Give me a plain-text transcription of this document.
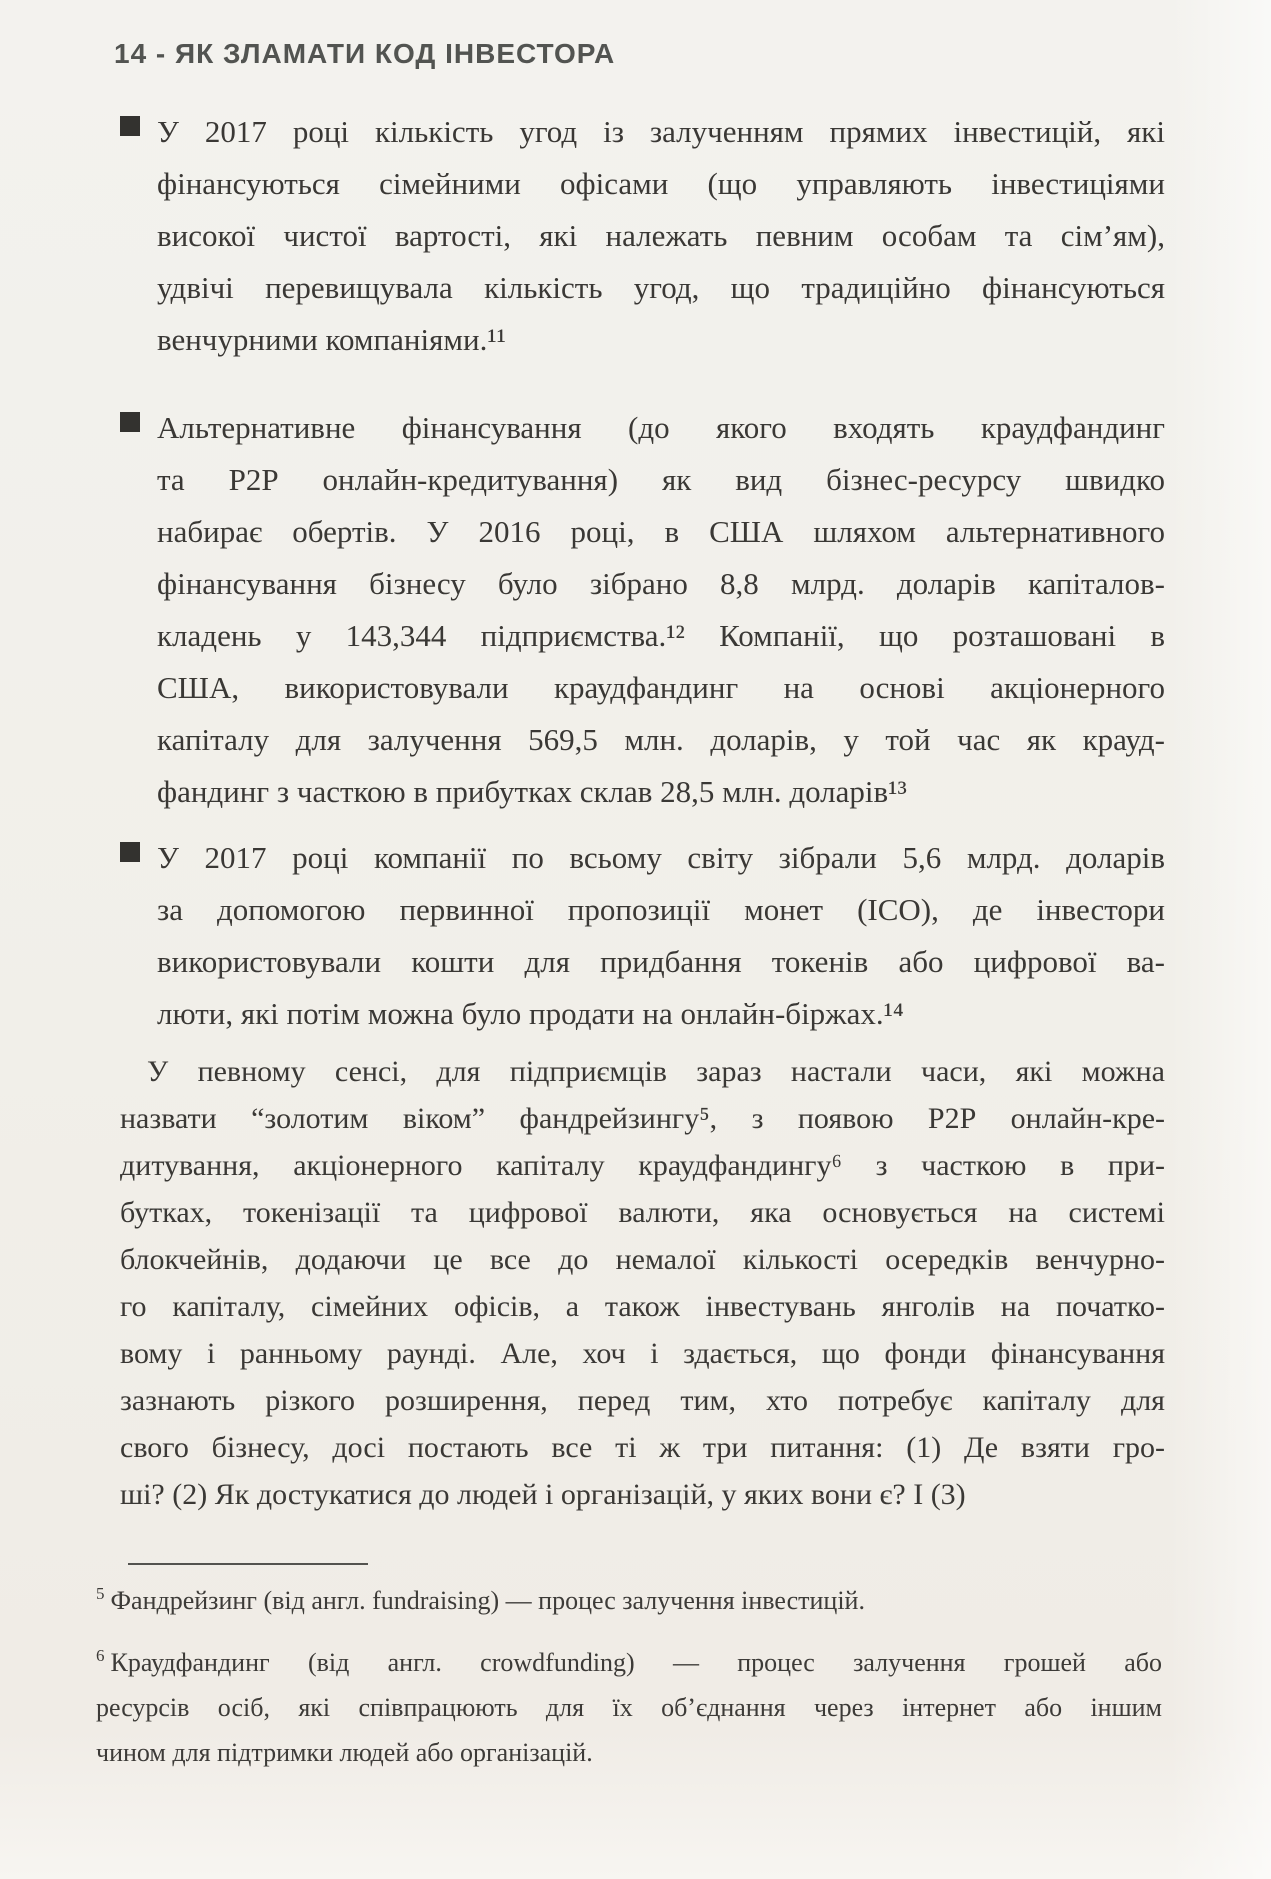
14 - ЯК ЗЛАМАТИ КОД ІНВЕСТОРА
У 2017 році кількість угод із залученням прямих інвестицій, які
фінансуються сімейними офісами (що управляють інвестиціями
високої чистої вартості, які належать певним особам та сім’ям),
удвічі перевищувала кількість угод, що традиційно фінансуються
венчурними компаніями.¹¹
Альтернативне фінансування (до якого входять краудфандинг
та Р2Р онлайн-кредитування) як вид бізнес-ресурсу швидко
набирає обертів. У 2016 році, в США шляхом альтернативного
фінансування бізнесу було зібрано 8,8 млрд. доларів капіталов-
кладень у 143,344 підприємства.¹² Компанії, що розташовані в
США, використовували краудфандинг на основі акціонерного
капіталу для залучення 569,5 млн. доларів, у той час як крауд-
фандинг з часткою в прибутках склав 28,5 млн. доларів¹³
У 2017 році компанії по всьому світу зібрали 5,6 млрд. доларів
за допомогою первинної пропозиції монет (ICO), де інвестори
використовували кошти для придбання токенів або цифрової ва-
люти, які потім можна було продати на онлайн-біржах.¹⁴
У певному сенсі, для підприємців зараз настали часи, які можна
назвати “золотим віком” фандрейзингу⁵, з появою Р2Р онлайн-кре-
дитування, акціонерного капіталу краудфандингу⁶ з часткою в при-
бутках, токенізації та цифрової валюти, яка основується на системі
блокчейнів, додаючи це все до немалої кількості осередків венчурно-
го капіталу, сімейних офісів, а також інвестувань янголів на початко-
вому і ранньому раунді. Але, хоч і здається, що фонди фінансування
зазнають різкого розширення, перед тим, хто потребує капіталу для
свого бізнесу, досі постають все ті ж три питання: (1) Де взяти гро-
ші? (2) Як достукатися до людей і організацій, у яких вони є? І (3)
$^5$ Фандрейзинг (від англ. fundraising) — процес залучення інвестицій.
$^6$ Краудфандинг (від англ. crowdfunding) — процес залучення грошей або
ресурсів осіб, які співпрацюють для їх об’єднання через інтернет або іншим
чином для підтримки людей або організацій.
